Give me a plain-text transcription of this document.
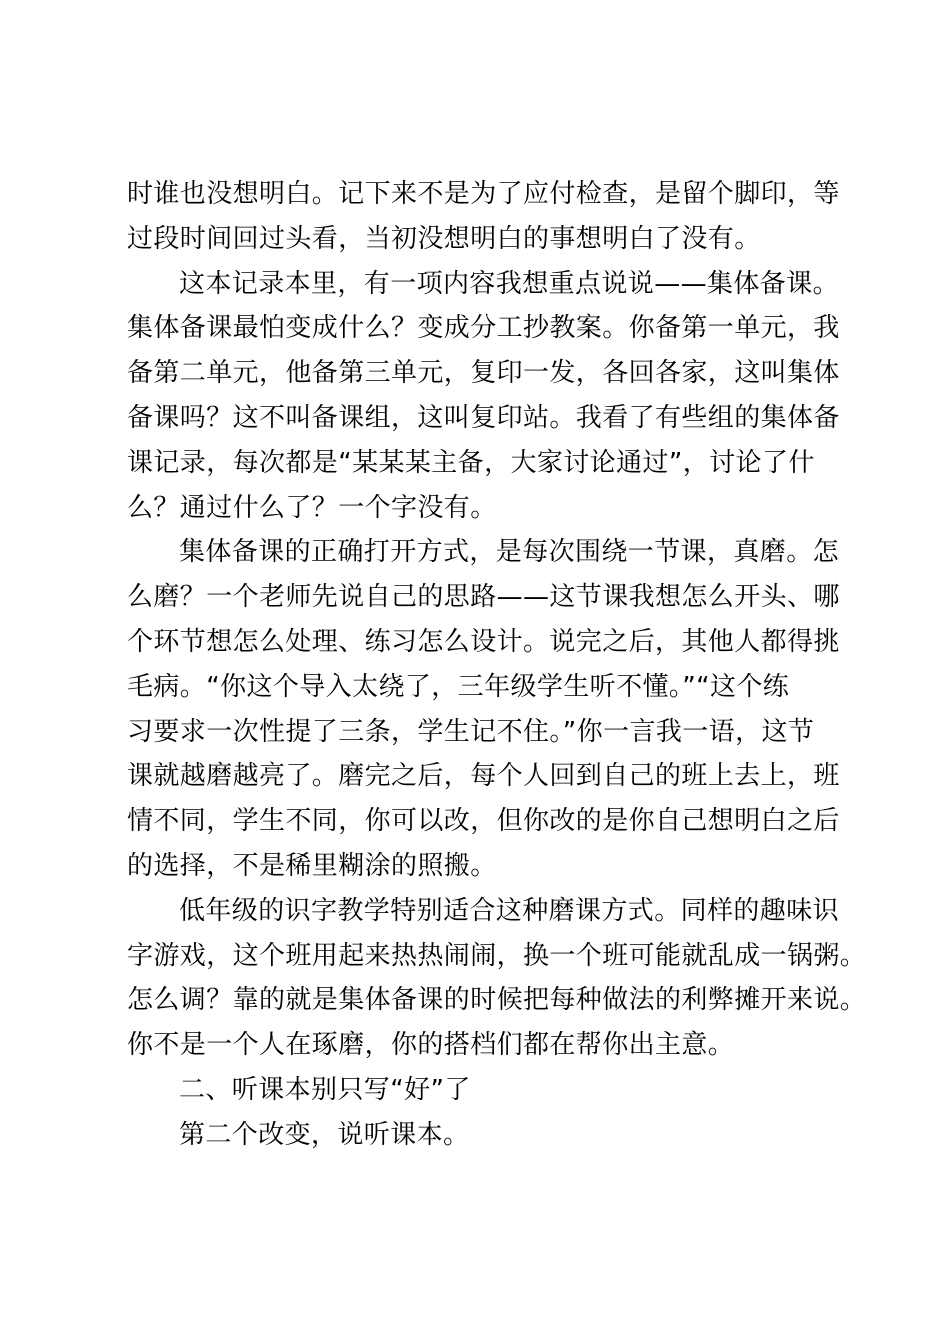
时谁也没想明白。记下来不是为了应付检查，是留个脚印，等
过段时间回过头看，当初没想明白的事想明白了没有。
这本记录本里，有一项内容我想重点说说——集体备课。
集体备课最怕变成什么？变成分工抄教案。你备第一单元，我
备第二单元，他备第三单元，复印一发，各回各家，这叫集体
备课吗？这不叫备课组，这叫复印站。我看了有些组的集体备
课记录，每次都是“某某某主备，大家讨论通过”，讨论了什
么？通过什么了？一个字没有。
集体备课的正确打开方式，是每次围绕一节课，真磨。怎
么磨？一个老师先说自己的思路——这节课我想怎么开头、哪
个环节想怎么处理、练习怎么设计。说完之后，其他人都得挑
毛病。“你这个导入太绕了，三年级学生听不懂。”“这个练
习要求一次性提了三条，学生记不住。”你一言我一语，这节
课就越磨越亮了。磨完之后，每个人回到自己的班上去上，班
情不同，学生不同，你可以改，但你改的是你自己想明白之后
的选择，不是稀里糊涂的照搬。
低年级的识字教学特别适合这种磨课方式。同样的趣味识
字游戏，这个班用起来热热闹闹，换一个班可能就乱成一锅粥。
怎么调？靠的就是集体备课的时候把每种做法的利弊摊开来说。
你不是一个人在琢磨，你的搭档们都在帮你出主意。
二、听课本别只写“好”了
第二个改变，说听课本。
